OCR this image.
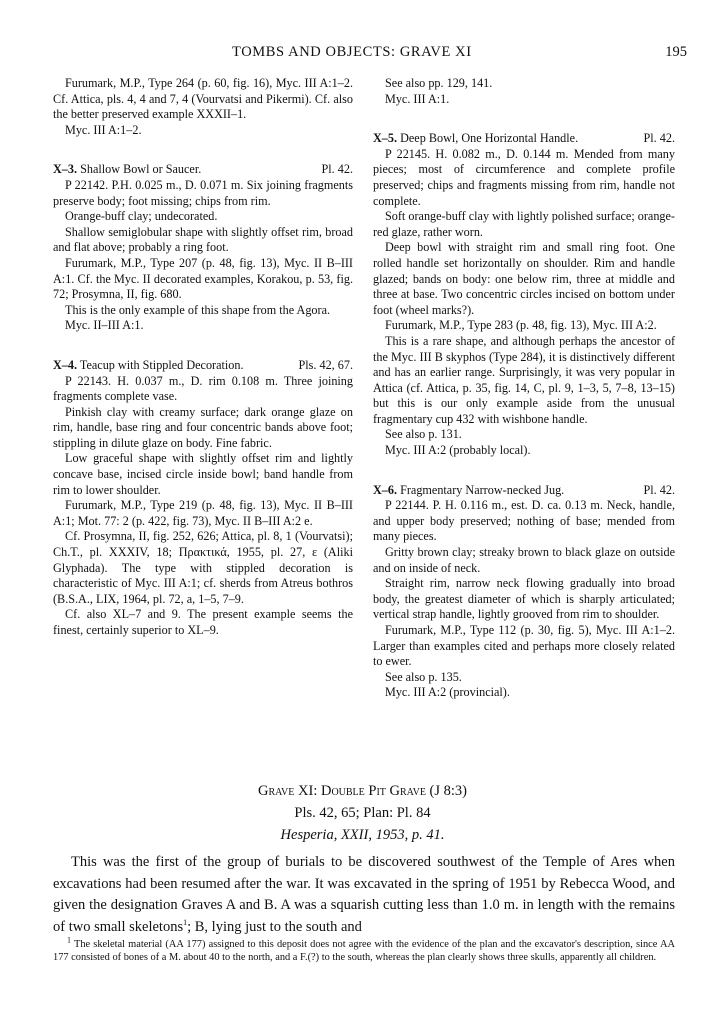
TOMBS AND OBJECTS: GRAVE XI	195

Furumark, M.P., Type 264 (p. 60, fig. 16), Myc. III A:1–2. Cf. Attica, pls. 4, 4 and 7, 4 (Vourvatsi and Pikermi). Cf. also the better preserved example XXXII–1.

Myc. III A:1–2.

X–3. Shallow Bowl or Saucer.	Pl. 42.

P 22142. P.H. 0.025 m., D. 0.071 m. Six joining fragments preserve body; foot missing; chips from rim.

Orange-buff clay; undecorated.

Shallow semiglobular shape with slightly offset rim, broad and flat above; probably a ring foot.

Furumark, M.P., Type 207 (p. 48, fig. 13), Myc. II B–III A:1. Cf. the Myc. II decorated examples, Korakou, p. 53, fig. 72; Prosymna, II, fig. 680.

This is the only example of this shape from the Agora.

Myc. II–III A:1.

X–4. Teacup with Stippled Decoration.	Pls. 42, 67.

P 22143. H. 0.037 m., D. rim 0.108 m. Three joining fragments complete vase.

Pinkish clay with creamy surface; dark orange glaze on rim, handle, base ring and four concentric bands above foot; stippling in dilute glaze on body. Fine fabric.

Low graceful shape with slightly offset rim and lightly concave base, incised circle inside bowl; band handle from rim to lower shoulder.

Furumark, M.P., Type 219 (p. 48, fig. 13), Myc. II B–III A:1; Mot. 77: 2 (p. 422, fig. 73), Myc. II B–III A:2 e.

Cf. Prosymna, II, fig. 252, 626; Attica, pl. 8, 1 (Vourvatsi); Ch.T., pl. XXXIV, 18; Πρακτικά, 1955, pl. 27, ε (Aliki Glyphada). The type with stippled decoration is characteristic of Myc. III A:1; cf. sherds from Atreus bothros (B.S.A., LIX, 1964, pl. 72, a, 1–5, 7–9.

Cf. also XL–7 and 9. The present example seems the finest, certainly superior to XL–9.

See also pp. 129, 141.

Myc. III A:1.

X–5. Deep Bowl, One Horizontal Handle.	Pl. 42.

P 22145. H. 0.082 m., D. 0.144 m. Mended from many pieces; most of circumference and complete profile preserved; chips and fragments missing from rim, handle not complete.

Soft orange-buff clay with lightly polished surface; orange-red glaze, rather worn.

Deep bowl with straight rim and small ring foot. One rolled handle set horizontally on shoulder. Rim and handle glazed; bands on body: one below rim, three at middle and three at base. Two concentric circles incised on bottom under foot (wheel marks?).

Furumark, M.P., Type 283 (p. 48, fig. 13), Myc. III A:2.

This is a rare shape, and although perhaps the ancestor of the Myc. III B skyphos (Type 284), it is distinctively different and has an earlier range. Surprisingly, it was very popular in Attica (cf. Attica, p. 35, fig. 14, C, pl. 9, 1–3, 5, 7–8, 13–15) but this is our only example aside from the unusual fragmentary cup 432 with wishbone handle.

See also p. 131.

Myc. III A:2 (probably local).

X–6. Fragmentary Narrow-necked Jug.	Pl. 42.

P 22144. P. H. 0.116 m., est. D. ca. 0.13 m. Neck, handle, and upper body preserved; nothing of base; mended from many pieces.

Gritty brown clay; streaky brown to black glaze on outside and on inside of neck.

Straight rim, narrow neck flowing gradually into broad body, the greatest diameter of which is sharply articulated; vertical strap handle, lightly grooved from rim to shoulder.

Furumark, M.P., Type 112 (p. 30, fig. 5), Myc. III A:1–2. Larger than examples cited and perhaps more closely related to ewer.

See also p. 135.

Myc. III A:2 (provincial).

Grave XI: Double Pit Grave (J 8:3)
Pls. 42, 65; Plan: Pl. 84
Hesperia, XXII, 1953, p. 41.

This was the first of the group of burials to be discovered southwest of the Temple of Ares when excavations had been resumed after the war. It was excavated in the spring of 1951 by Rebecca Wood, and given the designation Graves A and B. A was a squarish cutting less than 1.0 m. in length with the remains of two small skeletons$^1$; B, lying just to the south and

$^1$ The skeletal material (AA 177) assigned to this deposit does not agree with the evidence of the plan and the excavator's description, since AA 177 consisted of bones of a M. about 40 to the north, and a F.(?) to the south, whereas the plan clearly shows three skulls, apparently all children.
